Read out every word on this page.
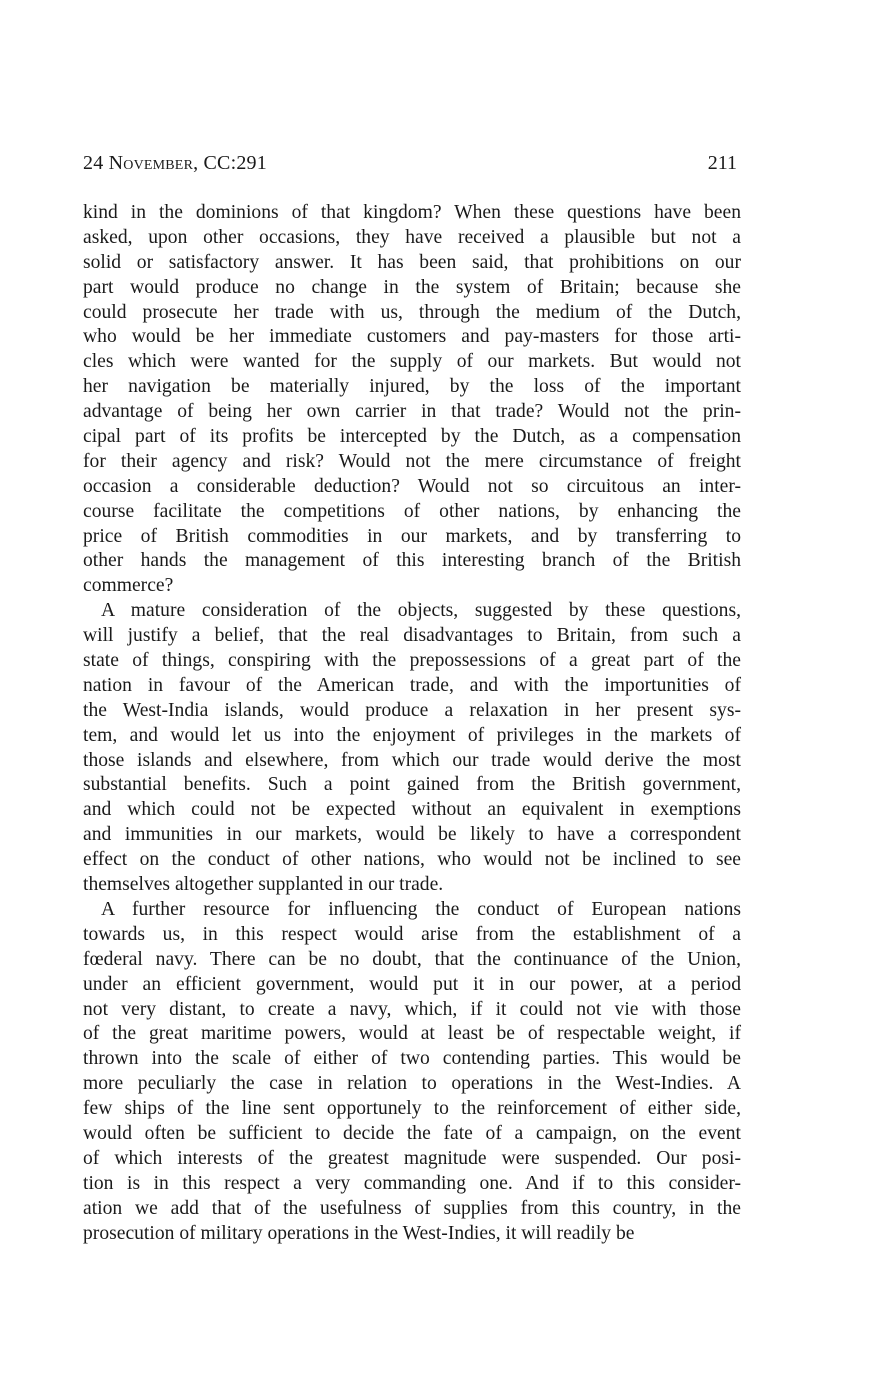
24 November, CC:291	211
kind in the dominions of that kingdom? When these questions have been
asked, upon other occasions, they have received a plausible but not a
solid or satisfactory answer. It has been said, that prohibitions on our
part would produce no change in the system of Britain; because she
could prosecute her trade with us, through the medium of the Dutch,
who would be her immediate customers and pay-masters for those arti-
cles which were wanted for the supply of our markets. But would not
her navigation be materially injured, by the loss of the important
advantage of being her own carrier in that trade? Would not the prin-
cipal part of its profits be intercepted by the Dutch, as a compensation
for their agency and risk? Would not the mere circumstance of freight
occasion a considerable deduction? Would not so circuitous an inter-
course facilitate the competitions of other nations, by enhancing the
price of British commodities in our markets, and by transferring to
other hands the management of this interesting branch of the British
commerce?
A mature consideration of the objects, suggested by these questions,
will justify a belief, that the real disadvantages to Britain, from such a
state of things, conspiring with the prepossessions of a great part of the
nation in favour of the American trade, and with the importunities of
the West-India islands, would produce a relaxation in her present sys-
tem, and would let us into the enjoyment of privileges in the markets of
those islands and elsewhere, from which our trade would derive the most
substantial benefits. Such a point gained from the British government,
and which could not be expected without an equivalent in exemptions
and immunities in our markets, would be likely to have a correspondent
effect on the conduct of other nations, who would not be inclined to see
themselves altogether supplanted in our trade.
A further resource for influencing the conduct of European nations
towards us, in this respect would arise from the establishment of a
fœderal navy. There can be no doubt, that the continuance of the Union,
under an efficient government, would put it in our power, at a period
not very distant, to create a navy, which, if it could not vie with those
of the great maritime powers, would at least be of respectable weight, if
thrown into the scale of either of two contending parties. This would be
more peculiarly the case in relation to operations in the West-Indies. A
few ships of the line sent opportunely to the reinforcement of either side,
would often be sufficient to decide the fate of a campaign, on the event
of which interests of the greatest magnitude were suspended. Our posi-
tion is in this respect a very commanding one. And if to this consider-
ation we add that of the usefulness of supplies from this country, in the
prosecution of military operations in the West-Indies, it will readily be
